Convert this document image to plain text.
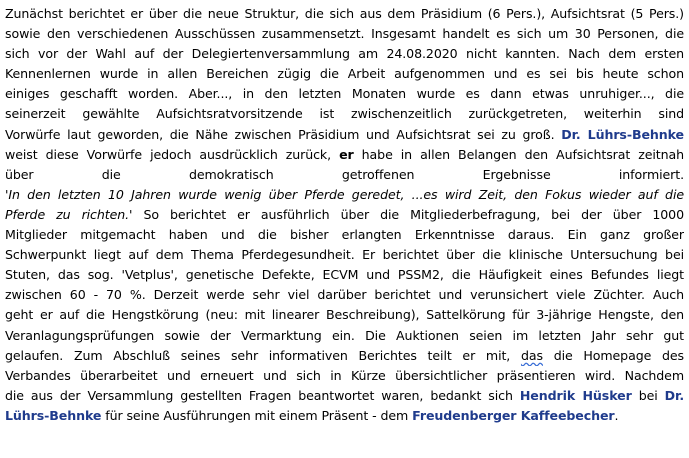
Zunächst berichtet er über die neue Struktur, die sich aus dem Präsidium (6 Pers.), Aufsichtsrat (5 Pers.)
sowie den verschiedenen Ausschüssen zusammensetzt. Insgesamt handelt es sich um 30 Personen, die
sich vor der Wahl auf der Delegiertenversammlung am 24.08.2020 nicht kannten. Nach dem ersten
Kennenlernen wurde in allen Bereichen zügig die Arbeit aufgenommen und es sei bis heute schon
einiges geschafft worden. Aber..., in den letzten Monaten wurde es dann etwas unruhiger..., die
seinerzeit gewählte Aufsichtsratvorsitzende ist zwischenzeitlich zurückgetreten, weiterhin sind
Vorwürfe laut geworden, die Nähe zwischen Präsidium und Aufsichtsrat sei zu groß. Dr. Lührs-Behnke
weist diese Vorwürfe jedoch ausdrücklich zurück, er habe in allen Belangen den Aufsichtsrat zeitnah
über die demokratisch getroffenen Ergebnisse informiert.
'In den letzten 10 Jahren wurde wenig über Pferde geredet, ...es wird Zeit, den Fokus wieder auf die
Pferde zu richten.' So berichtet er ausführlich über die Mitgliederbefragung, bei der über 1000
Mitglieder mitgemacht haben und die bisher erlangten Erkenntnisse daraus. Ein ganz großer
Schwerpunkt liegt auf dem Thema Pferdegesundheit. Er berichtet über die klinische Untersuchung bei
Stuten, das sog. 'Vetplus', genetische Defekte, ECVM und PSSM2, die Häufigkeit eines Befundes liegt
zwischen 60 - 70 %. Derzeit werde sehr viel darüber berichtet und verunsichert viele Züchter. Auch
geht er auf die Hengstkörung (neu: mit linearer Beschreibung), Sattelkörung für 3-jährige Hengste, den
Veranlagungsprüfungen sowie der Vermarktung ein. Die Auktionen seien im letzten Jahr sehr gut
gelaufen. Zum Abschluß seines sehr informativen Berichtes teilt er mit, das die Homepage des
Verbandes überarbeitet und erneuert und sich in Kürze übersichtlicher präsentieren wird. Nachdem
die aus der Versammlung gestellten Fragen beantwortet waren, bedankt sich Hendrik Hüsker bei Dr.
Lührs-Behnke für seine Ausführungen mit einem Präsent - dem Freudenberger Kaffeebecher.
